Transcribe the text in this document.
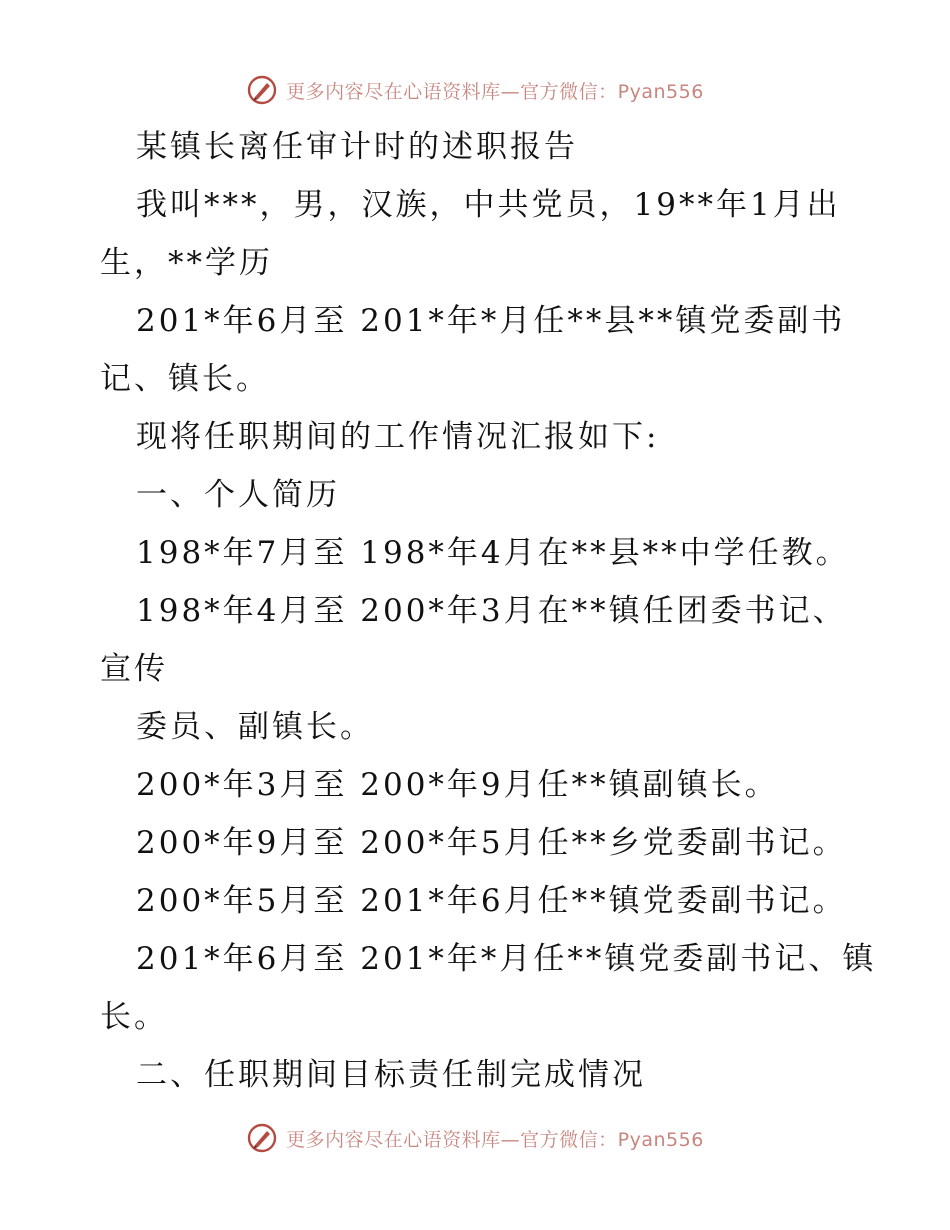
更多内容尽在心语资料库—官方微信：Pyan556
某镇长离任审计时的述职报告
我叫***，男，汉族，中共党员，19**年1月出
生，**学历
201*年6月至 201*年*月任**县**镇党委副书
记、镇长。
现将任职期间的工作情况汇报如下:
一、个人简历
198*年7月至 198*年4月在**县**中学任教。
198*年4月至 200*年3月在**镇任团委书记、
宣传
委员、副镇长。
200*年3月至 200*年9月任**镇副镇长。
200*年9月至 200*年5月任**乡党委副书记。
200*年5月至 201*年6月任**镇党委副书记。
201*年6月至 201*年*月任**镇党委副书记、镇
长。
二、任职期间目标责任制完成情况
更多内容尽在心语资料库—官方微信：Pyan556
